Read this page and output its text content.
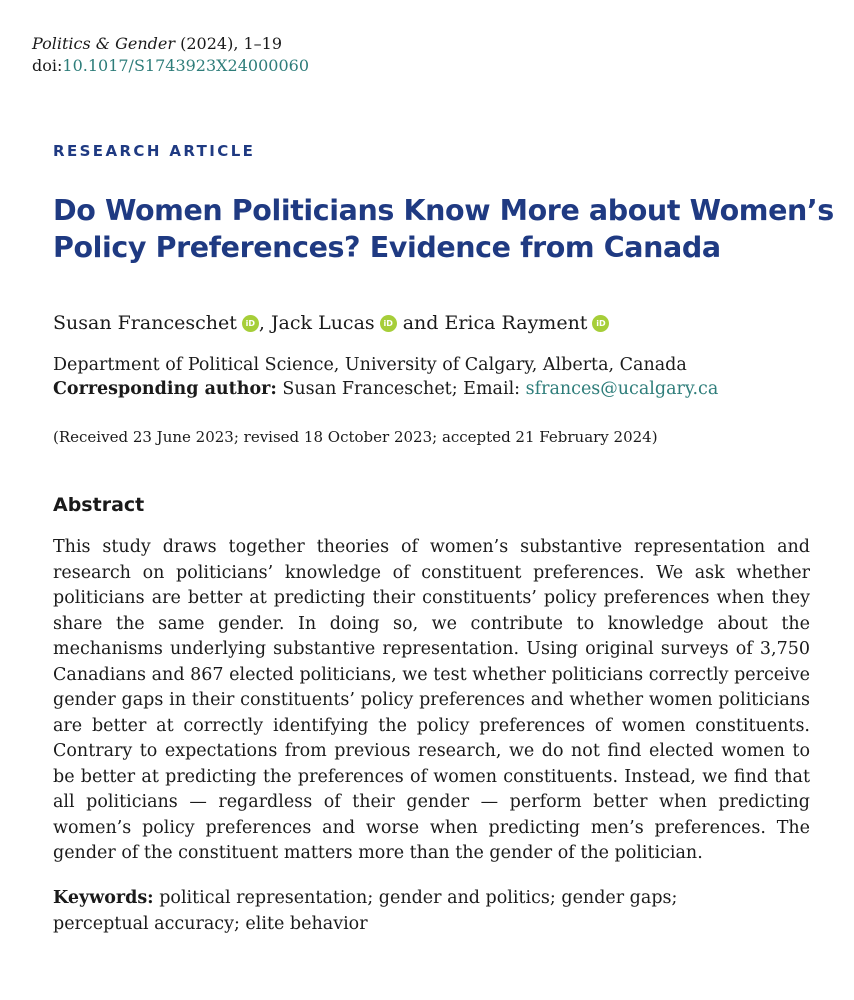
Politics & Gender (2024), 1–19
doi:10.1017/S1743923X24000060
RESEARCH ARTICLE
Do Women Politicians Know More about Women’s Policy Preferences? Evidence from Canada
Susan Franceschet iD , Jack Lucas iD and Erica Rayment iD
Department of Political Science, University of Calgary, Alberta, Canada
Corresponding author: Susan Franceschet; Email: sfrances@ucalgary.ca
(Received 23 June 2023; revised 18 October 2023; accepted 21 February 2024)
Abstract

This study draws together theories of women’s substantive representation and research on politicians’ knowledge of constituent preferences. We ask whether politicians are better at predicting their constituents’ policy preferences when they share the same gender. In doing so, we contribute to knowledge about the mechanisms underlying substantive representation. Using original surveys of 3,750 Canadians and 867 elected politicians, we test whether politicians correctly perceive gender gaps in their constituents’ policy preferences and whether women politicians are better at correctly identifying the policy preferences of women constituents. Contrary to expectations from previous research, we do not find elected women to be better at predicting the preferences of women constituents. Instead, we find that all politicians — regardless of their gender — perform better when predicting women’s policy preferences and worse when predicting men’s preferences. The gender of the constituent matters more than the gender of the politician.

Keywords: political representation; gender and politics; gender gaps; perceptual accuracy; elite behavior
